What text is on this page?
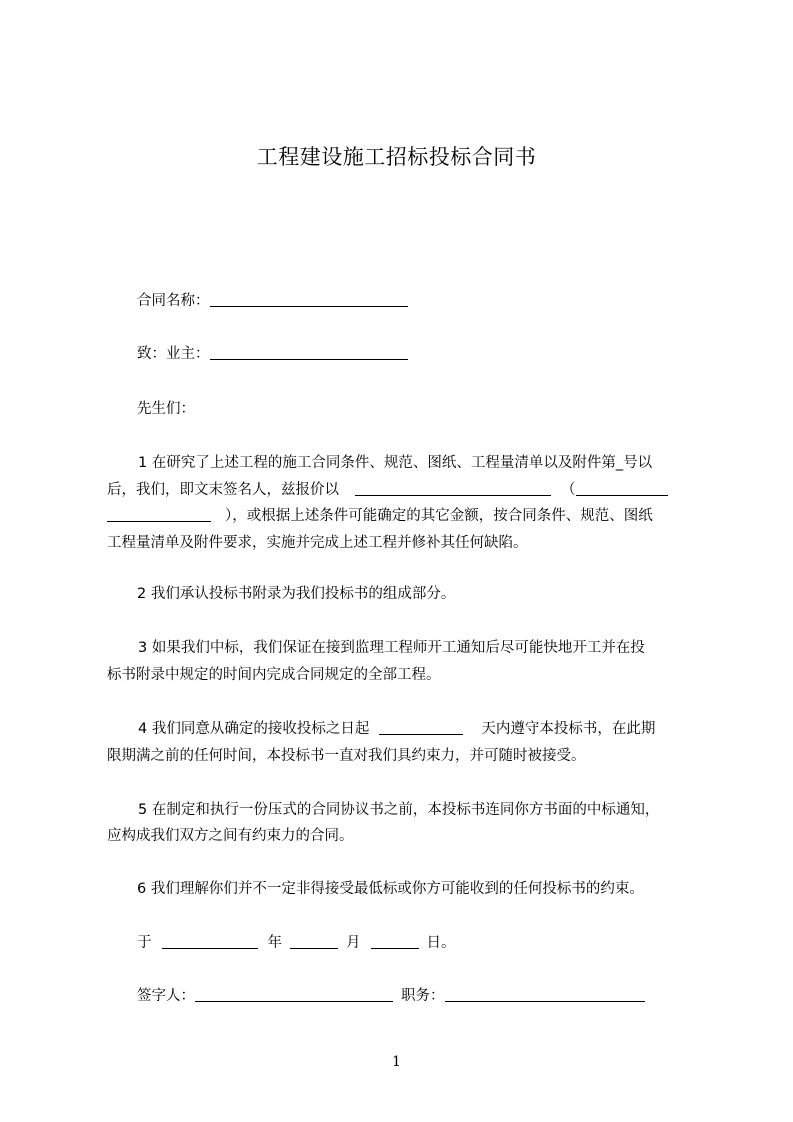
工程建设施工招标投标合同书
合同名称：
致：业主：
先生们：
1 在研究了上述工程的施工合同条件、规范、图纸、工程量清单以及附件第_号以
后，我们，即文末签名人，兹报价以	（
），或根据上述条件可能确定的其它金额，按合同条件、规范、图纸
工程量清单及附件要求，实施并完成上述工程并修补其任何缺陷。
2 我们承认投标书附录为我们投标书的组成部分。
3 如果我们中标，我们保证在接到监理工程师开工通知后尽可能快地开工并在投
标书附录中规定的时间内完成合同规定的全部工程。
4 我们同意从确定的接收投标之日起	天内遵守本投标书，在此期
限期满之前的任何时间，本投标书一直对我们具约束力，并可随时被接受。
5 在制定和执行一份压式的合同协议书之前，本投标书连同你方书面的中标通知，
应构成我们双方之间有约束力的合同。
6 我们理解你们并不一定非得接受最低标或你方可能收到的任何投标书的约束。
于	年	月	日。
签字人：	职务：
1
